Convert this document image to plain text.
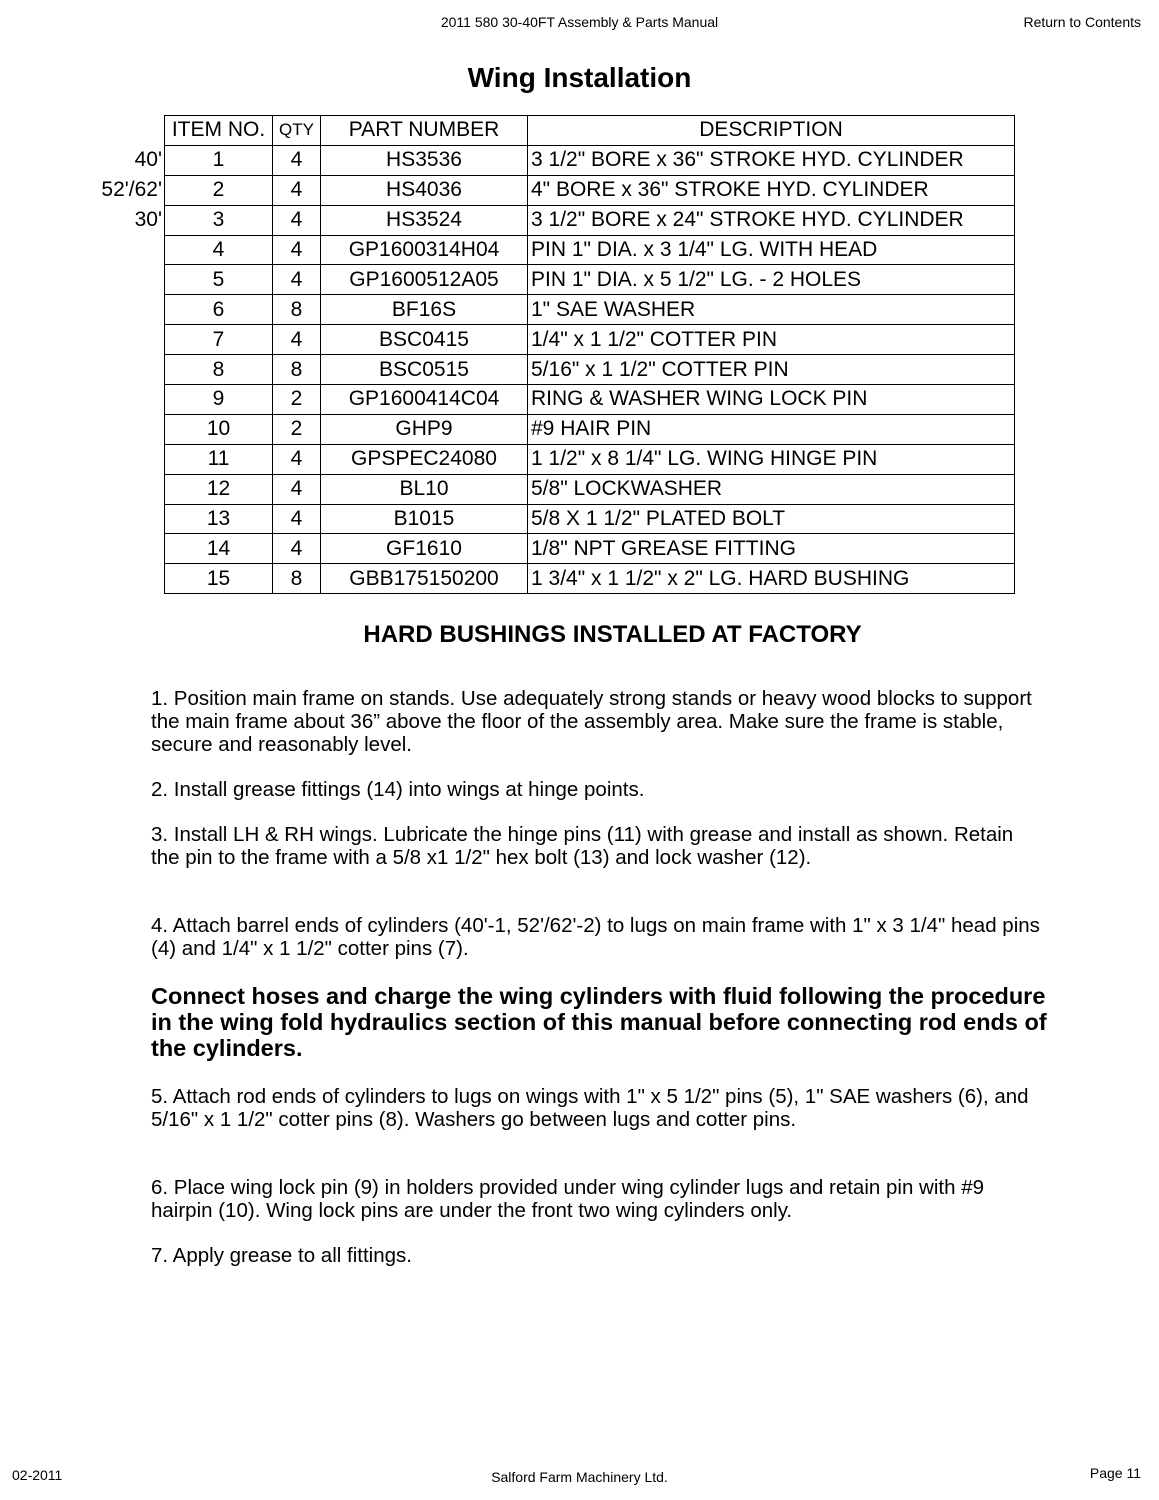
2011 580 30-40FT Assembly & Parts Manual	Return to Contents
Wing Installation
40'
52'/62'
30'
ITEM NO.	QTY	PART NUMBER	DESCRIPTION
1	4	HS3536	3 1/2" BORE x 36" STROKE HYD. CYLINDER
2	4	HS4036	4" BORE x 36" STROKE HYD. CYLINDER
3	4	HS3524	3 1/2" BORE x 24" STROKE HYD. CYLINDER
4	4	GP1600314H04	PIN 1" DIA. x 3 1/4" LG. WITH HEAD
5	4	GP1600512A05	PIN 1" DIA. x 5 1/2" LG. - 2 HOLES
6	8	BF16S	1" SAE WASHER
7	4	BSC0415	1/4" x 1 1/2" COTTER PIN
8	8	BSC0515	5/16" x 1 1/2" COTTER PIN
9	2	GP1600414C04	RING & WASHER WING LOCK PIN
10	2	GHP9	#9 HAIR PIN
11	4	GPSPEC24080	1 1/2" x 8 1/4" LG. WING HINGE PIN
12	4	BL10	5/8" LOCKWASHER
13	4	B1015	5/8 X 1 1/2" PLATED BOLT
14	4	GF1610	1/8" NPT GREASE FITTING
15	8	GBB175150200	1 3/4" x 1 1/2" x 2" LG. HARD BUSHING
HARD BUSHINGS INSTALLED AT FACTORY
1. Position main frame on stands. Use adequately strong stands or heavy wood blocks to support the main frame about 36” above the floor of the assembly area. Make sure the frame is stable, secure and reasonably level.
2. Install grease fittings (14) into wings at hinge points.
3. Install LH & RH wings. Lubricate the hinge pins (11) with grease and install as shown. Retain the pin to the frame with a 5/8 x1 1/2" hex bolt (13) and lock washer (12).
4. Attach barrel ends of cylinders (40'-1, 52'/62'-2) to lugs on main frame with 1" x 3 1/4" head pins (4) and 1/4" x 1 1/2" cotter pins (7).
Connect hoses and charge the wing cylinders with fluid following the procedure in the wing fold hydraulics section of this manual before connecting rod ends of the cylinders.
5. Attach rod ends of cylinders to lugs on wings with 1" x 5 1/2" pins (5), 1" SAE washers (6), and 5/16" x 1 1/2" cotter pins (8). Washers go between lugs and cotter pins.
6. Place wing lock pin (9) in holders provided under wing cylinder lugs and retain pin with #9 hairpin (10). Wing lock pins are under the front two wing cylinders only.
7. Apply grease to all fittings.
02-2011	Salford Farm Machinery Ltd.	Page 11
